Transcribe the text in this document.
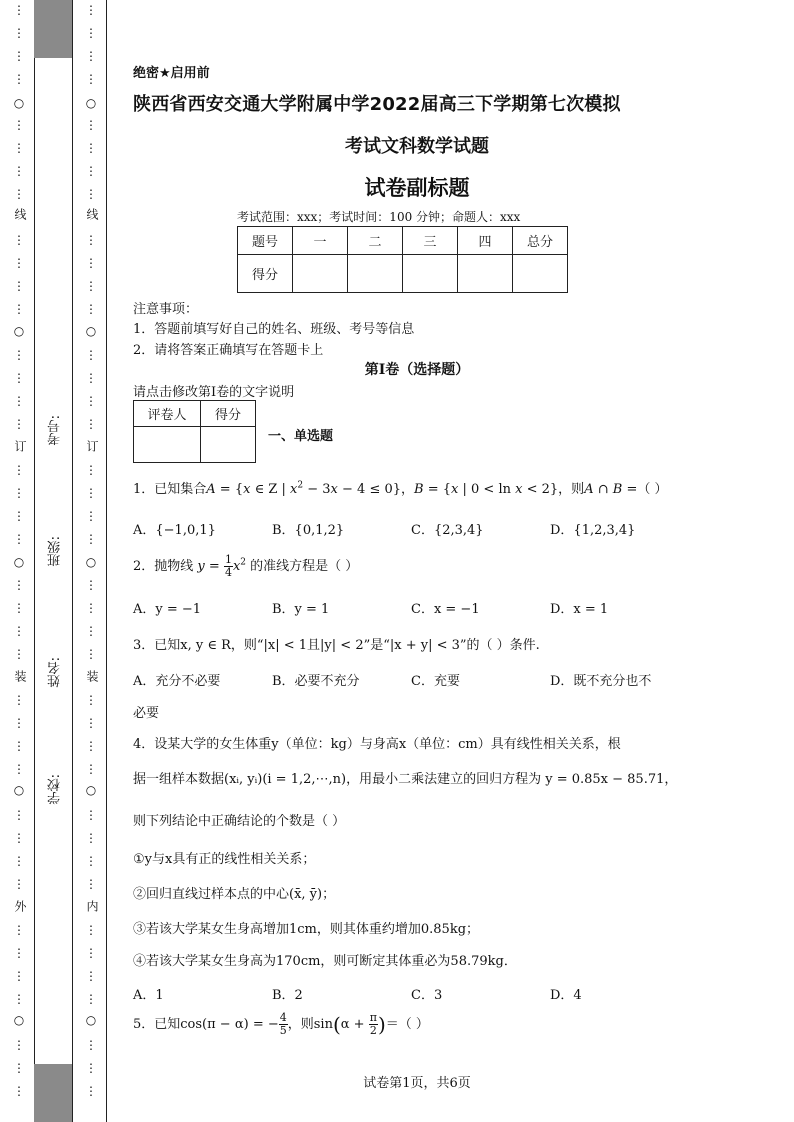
○
线
○
订
○
装
○
外
○
⋮
⋮
⋮
⋮
⋮
⋮
⋮
⋮
⋮
⋮
⋮
⋮
⋮
⋮
⋮
⋮
⋮
⋮
⋮
⋮
⋮
⋮
⋮
⋮
⋮
⋮
⋮
⋮
⋮
⋮
⋮
⋮
⋮
⋮
⋮
⋮
⋮
⋮
⋮
○
线
○
订
○
装
○
内
○
⋮
⋮
⋮
⋮
⋮
⋮
⋮
⋮
⋮
⋮
⋮
⋮
⋮
⋮
⋮
⋮
⋮
⋮
⋮
⋮
⋮
⋮
⋮
⋮
⋮
⋮
⋮
⋮
⋮
⋮
⋮
⋮
⋮
⋮
⋮
⋮
⋮
⋮
⋮
考号:
班级:
姓名:
学校:
绝密★启用前
陕西省西安交通大学附属中学2022届高三下学期第七次模拟
考试文科数学试题
试卷副标题
考试范围：xxx；考试时间：100 分钟；命题人：xxx
题号	一	二	三	四	总分
得分					
注意事项：
1．答题前填写好自己的姓名、班级、考号等信息
2．请将答案正确填写在答题卡上
第I卷（选择题）
请点击修改第I卷的文字说明
评卷人	得分

一、单选题
1．已知集合A = {x ∈ Z | $x^2 - 3x - 4 \le 0$}，B = {x | 0 < ln x < 2}，则A ∩ B =（ ）
A．{−1,0,1}	B．{0,1,2}	C．{2,3,4}	D．{1,2,3,4}
2．抛物线 $y = \frac{1}{4} x^2$ 的准线方程是（ ）
A．y = −1	B．y = 1	C．x = −1	D．x = 1
3．已知x, y ∈ R，则“|x| < 1且|y| < 2”是“|x + y| < 3”的（ ）条件.
A．充分不必要	B．必要不充分	C．充要	D．既不充分也不
必要
4．设某大学的女生体重y（单位：kg）与身高x（单位：cm）具有线性相关关系，根
据一组样本数据(xᵢ, yᵢ)(i = 1,2,⋯,n)，用最小二乘法建立的回归方程为 y = 0.85x − 85.71，
则下列结论中正确结论的个数是（ ）
①y与x具有正的线性相关关系；
②回归直线过样本点的中心(x̄, ȳ)；
③若该大学某女生身高增加1cm，则其体重约增加0.85kg；
④若该大学某女生身高为170cm，则可断定其体重必为58.79kg．
A．1	B．2	C．3	D．4
5．已知cos(π − α) = − $\frac{4}{5}$ ，则$\sin(\alpha + \frac{\pi}{2}$ )＝（ ）
试卷第1页，共6页
